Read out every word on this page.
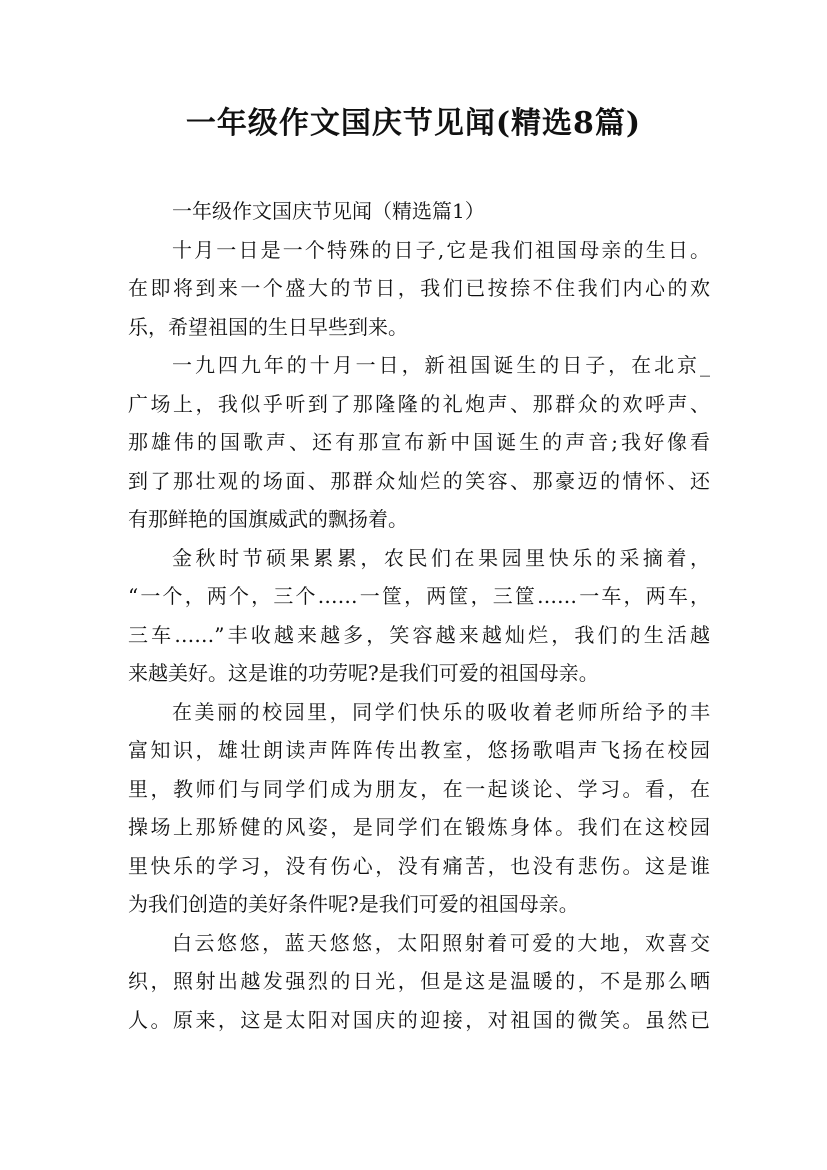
一年级作文国庆节见闻(精选8篇)
一年级作文国庆节见闻（精选篇1）
十月一日是一个特殊的日子,它是我们祖国母亲的生日。
在即将到来一个盛大的节日，我们已按捺不住我们内心的欢
乐，希望祖国的生日早些到来。
一九四九年的十月一日，新祖国诞生的日子，在北京_
广场上，我似乎听到了那隆隆的礼炮声、那群众的欢呼声、
那雄伟的国歌声、还有那宣布新中国诞生的声音;我好像看
到了那壮观的场面、那群众灿烂的笑容、那豪迈的情怀、还
有那鲜艳的国旗威武的飘扬着。
金秋时节硕果累累，农民们在果园里快乐的采摘着，
“一个，两个，三个……一筐，两筐，三筐……一车，两车，
三车……”丰收越来越多，笑容越来越灿烂，我们的生活越
来越美好。这是谁的功劳呢?是我们可爱的祖国母亲。
在美丽的校园里，同学们快乐的吸收着老师所给予的丰
富知识，雄壮朗读声阵阵传出教室，悠扬歌唱声飞扬在校园
里，教师们与同学们成为朋友，在一起谈论、学习。看，在
操场上那矫健的风姿，是同学们在锻炼身体。我们在这校园
里快乐的学习，没有伤心，没有痛苦，也没有悲伤。这是谁
为我们创造的美好条件呢?是我们可爱的祖国母亲。
白云悠悠，蓝天悠悠，太阳照射着可爱的大地，欢喜交
织，照射出越发强烈的日光，但是这是温暖的，不是那么晒
人。原来，这是太阳对国庆的迎接，对祖国的微笑。虽然已
